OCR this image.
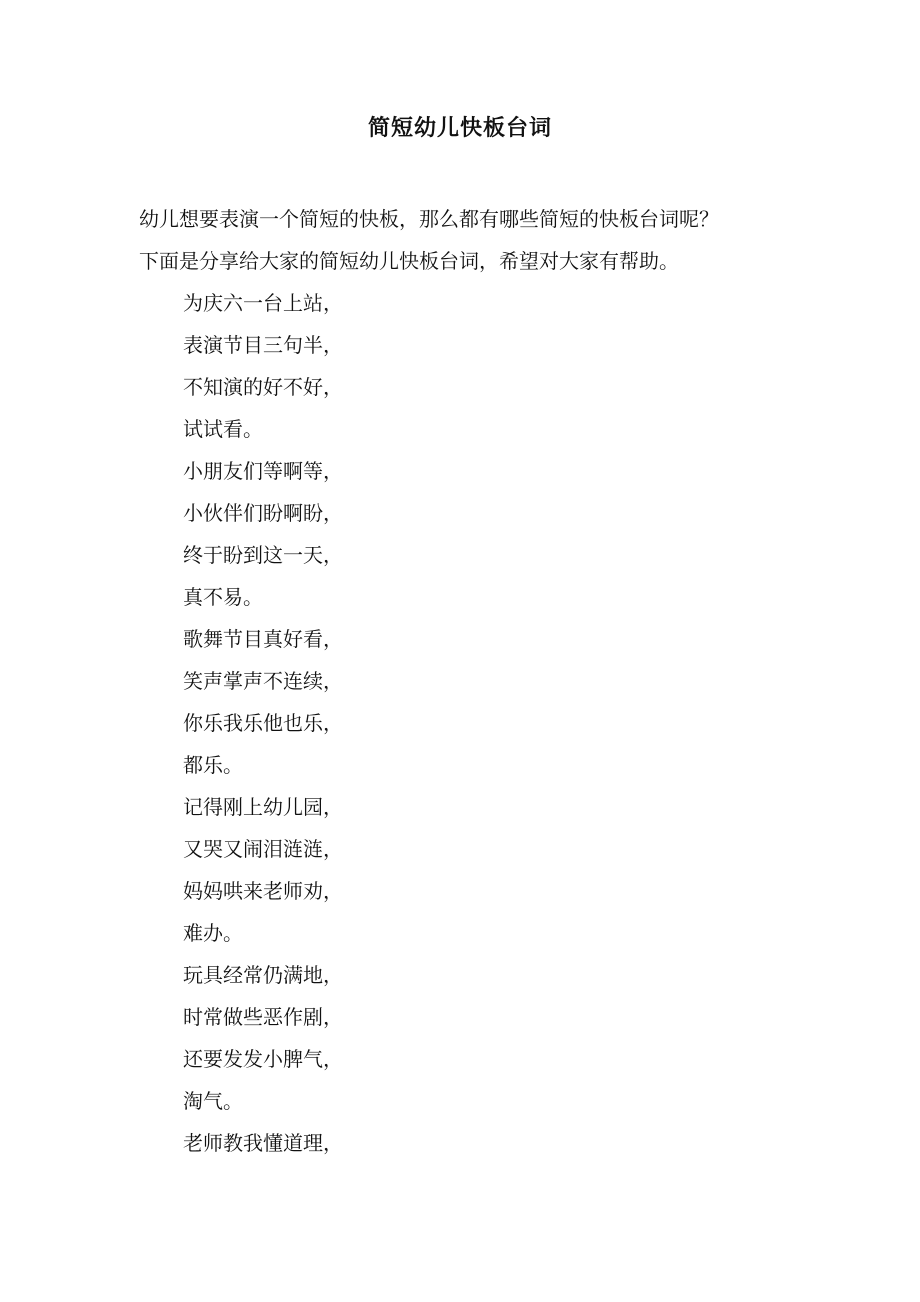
简短幼儿快板台词

幼儿想要表演一个简短的快板，那么都有哪些简短的快板台词呢？

下面是分享给大家的简短幼儿快板台词，希望对大家有帮助。

为庆六一台上站，
表演节目三句半，
不知演的好不好，
试试看。
小朋友们等啊等，
小伙伴们盼啊盼，
终于盼到这一天，
真不易。
歌舞节目真好看，
笑声掌声不连续，
你乐我乐他也乐，
都乐。
记得刚上幼儿园，
又哭又闹泪涟涟，
妈妈哄来老师劝，
难办。
玩具经常仍满地，
时常做些恶作剧，
还要发发小脾气，
淘气。
老师教我懂道理，
